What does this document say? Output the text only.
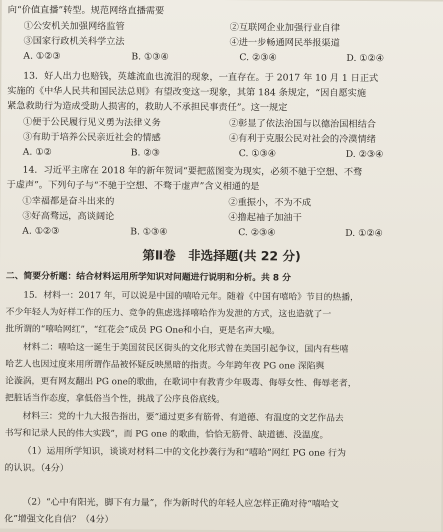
向“价值直播”转型。规范网络直播需要
①公安机关加强网络监管	②互联网企业加强行业自律
③国家行政机关科学立法	④进一步畅通网民举报渠道
A. ①②③	B. ①③④	C. ②③④	D. ①②④
13．好人出力也赔钱，英雄流血也流泪的现象，一直存在。于 2017 年 10 月 1 日正式
实施的《中华人民共和国民法总则》有望改变这一现象，其第 184 条规定，“因自愿实施
紧急救助行为造成受助人损害的，救助人不承担民事责任”。这一规定
①便于公民履行见义勇为法律义务	②彰显了依法治国与以德治国相结合
③有助于培养公民亲近社会的情感	④有利于克服公民对社会的冷漠情绪
A. ①②	B. ②③	C. ①③④	D. ②③④
14．习近平主席在 2018 年的新年贺词“要把蓝图变为现实，必须不驰于空想、不骛
于虚声”。下列句子与“不驰于空想、不骛于虚声”含义相通的是
①幸福都是奋斗出来的	②重振小，不为不成
③好高骛远，高谈阔论	④撸起袖子加油干
A. ①②③	B. ①③④	C. ②③④	D. ①②④
第Ⅱ卷　非选择题(共 22 分)
二、简要分析题：结合材料运用所学知识对问题进行说明和分析。共 8 分

15．材料一：2017 年，可以说是中国的嘻哈元年。随着《中国有嘻哈》节目的热播，

不少年轻人为好样工作的压力、竞争的焦虑选择嘻哈作为发泄的方式，这也造就了一

批所谓的“嘻哈网红”，“红花会”成员 PG One和小白，更是名声大噪。

材料二：嘻哈这一诞生于美国贫民区街头的文化形式曾在美国引起争议，国内有些嘻

哈艺人也因过度来用所谓作品被怀疑反映黑暗的指责。今年跨年夜 PG one 深陷舆

论漩涡，更有网友翻出 PG one的歌曲，在歌词中有教青少年吸毒、侮辱女性、侮辱老者，

把脏话当作态度，拿低俗当个性，挑战了公序良俗底线。

材料三：党的十九大报告指出，要“通过更多有筋骨、有道德、有温度的文艺作品去

书写和记录人民的伟大实践”，而 PG one 的歌曲，恰恰无筋骨、缺道德、没温度。

（1）运用所学知识，谈谈对材料二中的文化抄袭行为和“嘻哈”网红 PG one 行为

的认识。（4分）

（2）“心中有阳光，脚下有力量”，作为新时代的年轻人应怎样正确对待“嘻哈文

化”增强文化自信？（4分）
